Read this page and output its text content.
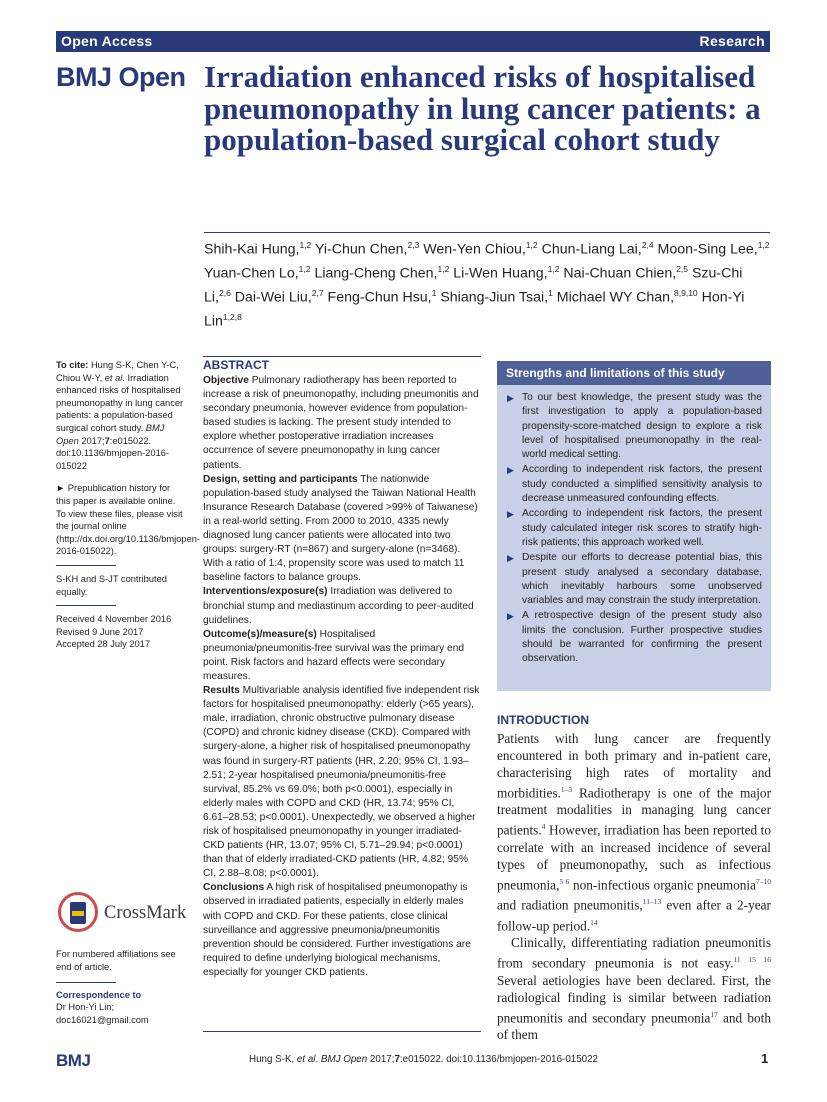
Open Access	Research
BMJ Open Irradiation enhanced risks of hospitalised pneumonopathy in lung cancer patients: a population-based surgical cohort study
Shih-Kai Hung,$^{1,2}$ Yi-Chun Chen,$^{2,3}$ Wen-Yen Chiou,$^{1,2}$ Chun-Liang Lai,$^{2,4}$ Moon-Sing Lee,$^{1,2}$ Yuan-Chen Lo,$^{1,2}$ Liang-Cheng Chen,$^{1,2}$ Li-Wen Huang,$^{1,2}$ Nai-Chuan Chien,$^{2,5}$ Szu-Chi Li,$^{2,6}$ Dai-Wei Liu,$^{2,7}$ Feng-Chun Hsu,$^1$ Shiang-Jiun Tsai,$^1$ Michael WY Chan,$^{8,9,10}$ Hon-Yi Lin$^{1,2,8}$

To cite: Hung S-K, Chen Y-C, Chiou W-Y, et al. Irradiation enhanced risks of hospitalised pneumonopathy in lung cancer patients: a population-based surgical cohort study. BMJ Open 2017;7:e015022. doi:10.1136/bmjopen-2016-015022

► Prepublication history for this paper is available online. To view these files, please visit the journal online (http://dx.doi.org/10.1136/bmjopen-2016-015022).

S-KH and S-JT contributed equally.

Received 4 November 2016

Revised 9 June 2017

Accepted 28 July 2017

CrossMark

For numbered affiliations see end of article.

Correspondence to

Dr Hon-Yi Lin;

doc16021@gmail.com

ABSTRACT

Objective Pulmonary radiotherapy has been reported to increase a risk of pneumonopathy, including pneumonitis and secondary pneumonia, however evidence from population-based studies is lacking. The present study intended to explore whether postoperative irradiation increases occurrence of severe pneumonopathy in lung cancer patients.

Design, setting and participants The nationwide population-based study analysed the Taiwan National Health Insurance Research Database (covered >99% of Taiwanese) in a real-world setting. From 2000 to 2010, 4335 newly diagnosed lung cancer patients were allocated into two groups: surgery-RT (n=867) and surgery-alone (n=3468). With a ratio of 1:4, propensity score was used to match 11 baseline factors to balance groups.

Interventions/exposure(s) Irradiation was delivered to bronchial stump and mediastinum according to peer-audited guidelines.

Outcome(s)/measure(s) Hospitalised pneumonia/pneumonitis-free survival was the primary end point. Risk factors and hazard effects were secondary measures.

Results Multivariable analysis identified five independent risk factors for hospitalised pneumonopathy: elderly (>65 years), male, irradiation, chronic obstructive pulmonary disease (COPD) and chronic kidney disease (CKD). Compared with surgery-alone, a higher risk of hospitalised pneumonopathy was found in surgery-RT patients (HR, 2.20; 95% CI, 1.93–2.51; 2-year hospitalised pneumonia/pneumonitis-free survival, 85.2% vs 69.0%; both p<0.0001), especially in elderly males with COPD and CKD (HR, 13.74; 95% CI, 6.61–28.53; p<0.0001). Unexpectedly, we observed a higher risk of hospitalised pneumonopathy in younger irradiated-CKD patients (HR, 13.07; 95% CI, 5.71–29.94; p<0.0001) than that of elderly irradiated-CKD patients (HR, 4.82; 95% CI, 2.88–8.08; p<0.0001).

Conclusions A high risk of hospitalised pneumonopathy is observed in irradiated patients, especially in elderly males with COPD and CKD. For these patients, close clinical surveillance and aggressive pneumonia/pneumonitis prevention should be considered. Further investigations are required to define underlying biological mechanisms, especially for younger CKD patients.

Strengths and limitations of this study
▶ To our best knowledge, the present study was the first investigation to apply a population-based propensity-score-matched design to explore a risk level of hospitalised pneumonopathy in the real-world medical setting.
▶ According to independent risk factors, the present study conducted a simplified sensitivity analysis to decrease unmeasured confounding effects.
▶ According to independent risk factors, the present study calculated integer risk scores to stratify high-risk patients; this approach worked well.
▶ Despite our efforts to decrease potential bias, this present study analysed a secondary database, which inevitably harbours some unobserved variables and may constrain the study interpretation.
▶ A retrospective design of the present study also limits the conclusion. Further prospective studies should be warranted for confirming the present observation.
INTRODUCTION

Patients with lung cancer are frequently encountered in both primary and in-patient care, characterising high rates of mortality and morbidities.$^{1-3}$ Radiotherapy is one of the major treatment modalities in managing lung cancer patients.$^4$ However, irradiation has been reported to correlate with an increased incidence of several types of pneumonopathy, such as infectious pneumonia,$^{5 6}$ non-infectious organic pneumonia$^{7-10}$ and radiation pneumonitis,$^{11-13}$ even after a 2-year follow-up period.$^{14}$

Clinically, differentiating radiation pneumonitis from secondary pneumonia is not easy.$^{11 15 16}$ Several aetiologies have been declared. First, the radiological finding is similar between radiation pneumonitis and secondary pneumonia$^{17}$ and both of them

BMJ	Hung S-K, et al. BMJ Open 2017;7:e015022. doi:10.1136/bmjopen-2016-015022	1
